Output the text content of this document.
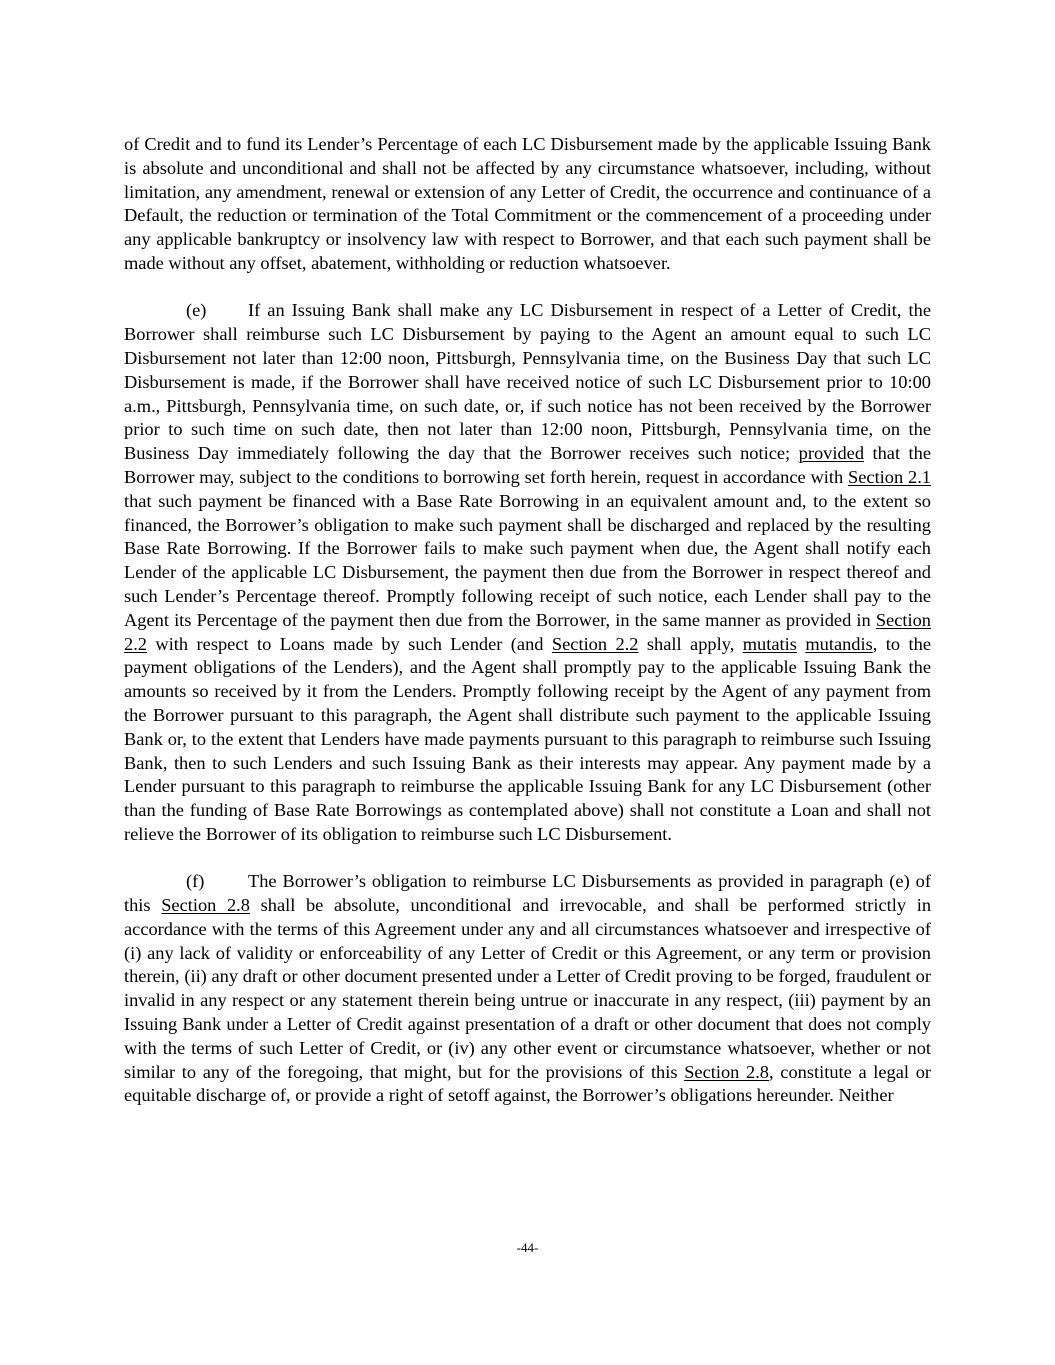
of Credit and to fund its Lender’s Percentage of each LC Disbursement made by the applicable Issuing Bank is absolute and unconditional and shall not be affected by any circumstance whatsoever, including, without limitation, any amendment, renewal or extension of any Letter of Credit, the occurrence and continuance of a Default, the reduction or termination of the Total Commitment or the commencement of a proceeding under any applicable bankruptcy or insolvency law with respect to Borrower, and that each such payment shall be made without any offset, abatement, withholding or reduction whatsoever.

(e) If an Issuing Bank shall make any LC Disbursement in respect of a Letter of Credit, the Borrower shall reimburse such LC Disbursement by paying to the Agent an amount equal to such LC Disbursement not later than 12:00 noon, Pittsburgh, Pennsylvania time, on the Business Day that such LC Disbursement is made, if the Borrower shall have received notice of such LC Disbursement prior to 10:00 a.m., Pittsburgh, Pennsylvania time, on such date, or, if such notice has not been received by the Borrower prior to such time on such date, then not later than 12:00 noon, Pittsburgh, Pennsylvania time, on the Business Day immediately following the day that the Borrower receives such notice; provided that the Borrower may, subject to the conditions to borrowing set forth herein, request in accordance with Section 2.1 that such payment be financed with a Base Rate Borrowing in an equivalent amount and, to the extent so financed, the Borrower’s obligation to make such payment shall be discharged and replaced by the resulting Base Rate Borrowing. If the Borrower fails to make such payment when due, the Agent shall notify each Lender of the applicable LC Disbursement, the payment then due from the Borrower in respect thereof and such Lender’s Percentage thereof. Promptly following receipt of such notice, each Lender shall pay to the Agent its Percentage of the payment then due from the Borrower, in the same manner as provided in Section 2.2 with respect to Loans made by such Lender (and Section 2.2 shall apply, mutatis mutandis, to the payment obligations of the Lenders), and the Agent shall promptly pay to the applicable Issuing Bank the amounts so received by it from the Lenders. Promptly following receipt by the Agent of any payment from the Borrower pursuant to this paragraph, the Agent shall distribute such payment to the applicable Issuing Bank or, to the extent that Lenders have made payments pursuant to this paragraph to reimburse such Issuing Bank, then to such Lenders and such Issuing Bank as their interests may appear. Any payment made by a Lender pursuant to this paragraph to reimburse the applicable Issuing Bank for any LC Disbursement (other than the funding of Base Rate Borrowings as contemplated above) shall not constitute a Loan and shall not relieve the Borrower of its obligation to reimburse such LC Disbursement.

(f) The Borrower’s obligation to reimburse LC Disbursements as provided in paragraph (e) of this Section 2.8 shall be absolute, unconditional and irrevocable, and shall be performed strictly in accordance with the terms of this Agreement under any and all circumstances whatsoever and irrespective of (i) any lack of validity or enforceability of any Letter of Credit or this Agreement, or any term or provision therein, (ii) any draft or other document presented under a Letter of Credit proving to be forged, fraudulent or invalid in any respect or any statement therein being untrue or inaccurate in any respect, (iii) payment by an Issuing Bank under a Letter of Credit against presentation of a draft or other document that does not comply with the terms of such Letter of Credit, or (iv) any other event or circumstance whatsoever, whether or not similar to any of the foregoing, that might, but for the provisions of this Section 2.8, constitute a legal or equitable discharge of, or provide a right of setoff against, the Borrower’s obligations hereunder. Neither

-44-
